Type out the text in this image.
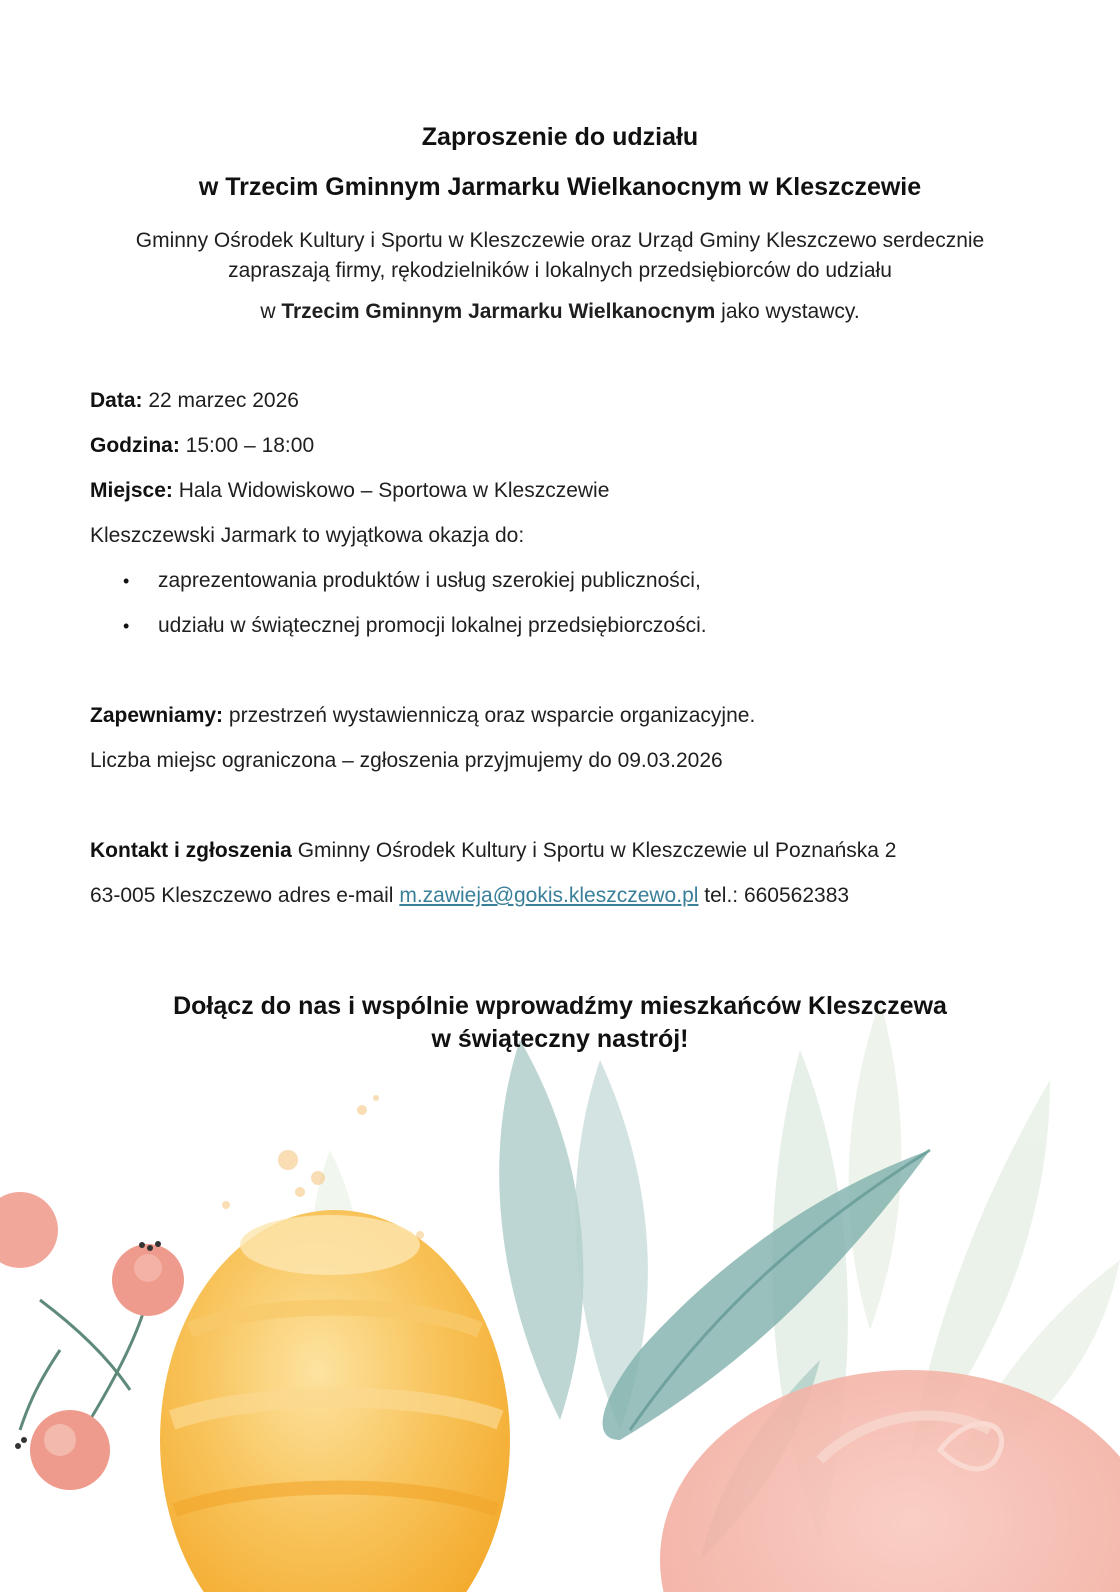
Zaproszenie do udziału
w Trzecim Gminnym Jarmarku Wielkanocnym w Kleszczewie
Gminny Ośrodek Kultury i Sportu w Kleszczewie oraz Urząd Gminy Kleszczewo serdecznie
zapraszają firmy, rękodzielników i lokalnych przedsiębiorców do udziału
w Trzecim Gminnym Jarmarku Wielkanocnym jako wystawcy.
Data: 22 marzec 2026
Godzina: 15:00 – 18:00
Miejsce: Hala Widowiskowo – Sportowa w Kleszczewie
Kleszczewski Jarmark to wyjątkowa okazja do:
• zaprezentowania produktów i usług szerokiej publiczności,
• udziału w świątecznej promocji lokalnej przedsiębiorczości.
Zapewniamy: przestrzeń wystawienniczą oraz wsparcie organizacyjne.
Liczba miejsc ograniczona – zgłoszenia przyjmujemy do 09.03.2026
Kontakt i zgłoszenia Gminny Ośrodek Kultury i Sportu w Kleszczewie ul Poznańska 2
63-005 Kleszczewo adres e-mail m.zawieja@gokis.kleszczewo.pl tel.: 660562383
Dołącz do nas i wspólnie wprowadźmy mieszkańców Kleszczewa
w świąteczny nastrój!
